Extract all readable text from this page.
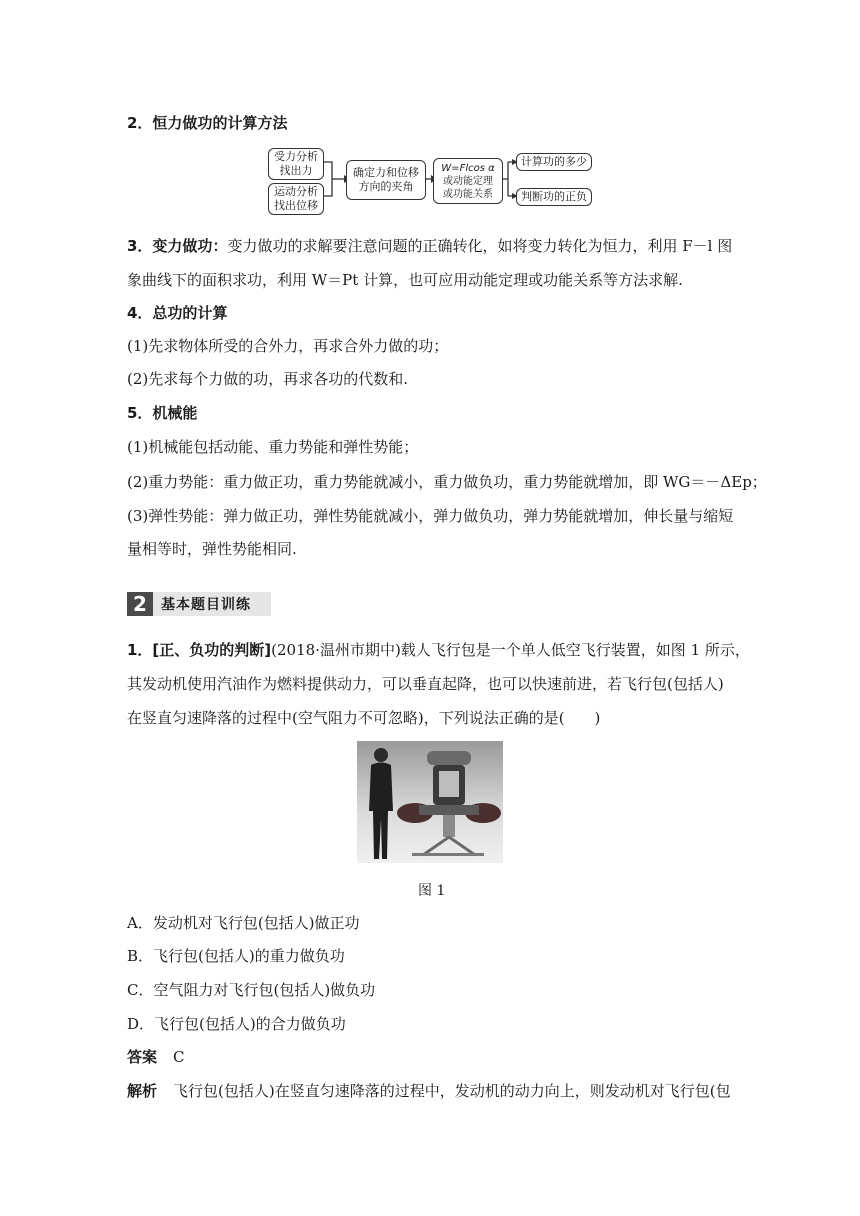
2．恒力做功的计算方法
受力分析
找出力
运动分析
找出位移
确定力和位移
方向的夹角
W=Flcos α
或动能定理
或功能关系
计算功的多少
判断功的正负
3．变力做功：变力做功的求解要注意问题的正确转化，如将变力转化为恒力，利用 F－l 图
象曲线下的面积求功，利用 W＝Pt 计算，也可应用动能定理或功能关系等方法求解.
4．总功的计算
(1)先求物体所受的合外力，再求合外力做的功；
(2)先求每个力做的功，再求各功的代数和.
5．机械能
(1)机械能包括动能、重力势能和弹性势能；
(2)重力势能：重力做正功，重力势能就减小，重力做负功，重力势能就增加，即 WG＝－ΔEp；
(3)弹性势能：弹力做正功，弹性势能就减小，弹力做负功，弹力势能就增加，伸长量与缩短
量相等时，弹性势能相同.
2	基本题目训练
1．[正、负功的判断](2018·温州市期中)载人飞行包是一个单人低空飞行装置，如图 1 所示，
其发动机使用汽油作为燃料提供动力，可以垂直起降，也可以快速前进，若飞行包(包括人)
在竖直匀速降落的过程中(空气阻力不可忽略)，下列说法正确的是(　　)
图 1
A．发动机对飞行包(包括人)做正功
B．飞行包(包括人)的重力做负功
C．空气阻力对飞行包(包括人)做负功
D．飞行包(包括人)的合力做负功
答案 C
解析 飞行包(包括人)在竖直匀速降落的过程中，发动机的动力向上，则发动机对飞行包(包
